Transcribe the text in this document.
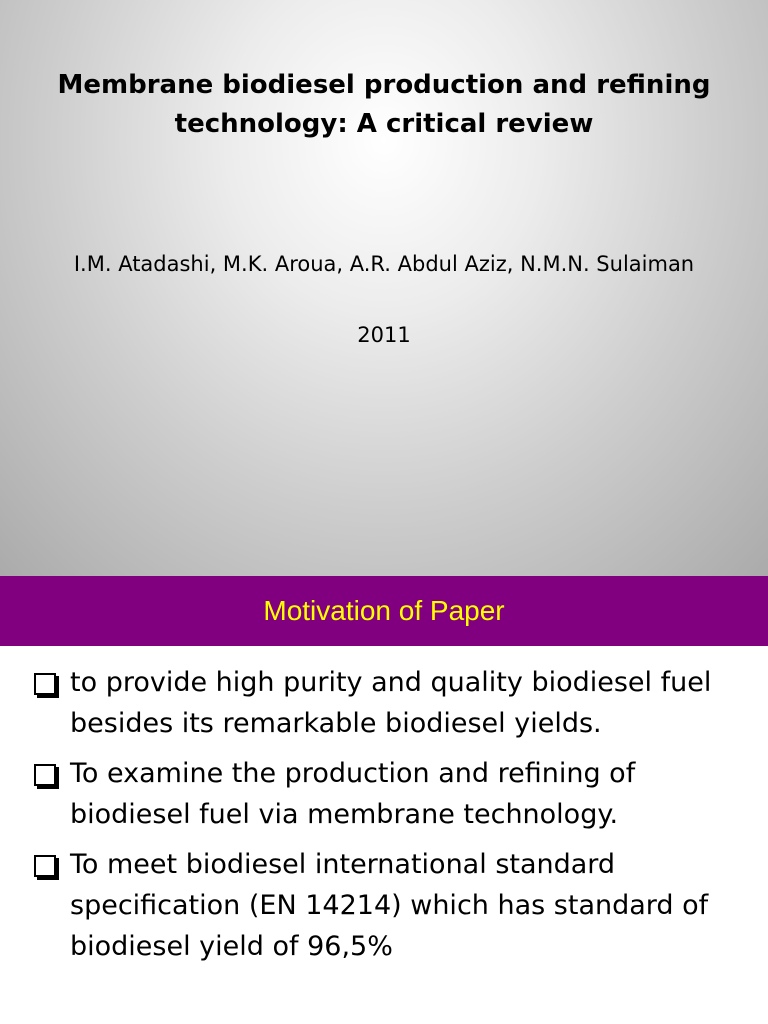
Membrane biodiesel production and refining
technology: A critical review
I.M. Atadashi, M.K. Aroua, A.R. Abdul Aziz, N.M.N. Sulaiman
2011
Motivation of Paper
to provide high purity and quality biodiesel fuel
besides its remarkable biodiesel yields.
To examine the production and refining of
biodiesel fuel via membrane technology.
To meet biodiesel international standard
specification (EN 14214) which has standard of
biodiesel yield of 96,5%
